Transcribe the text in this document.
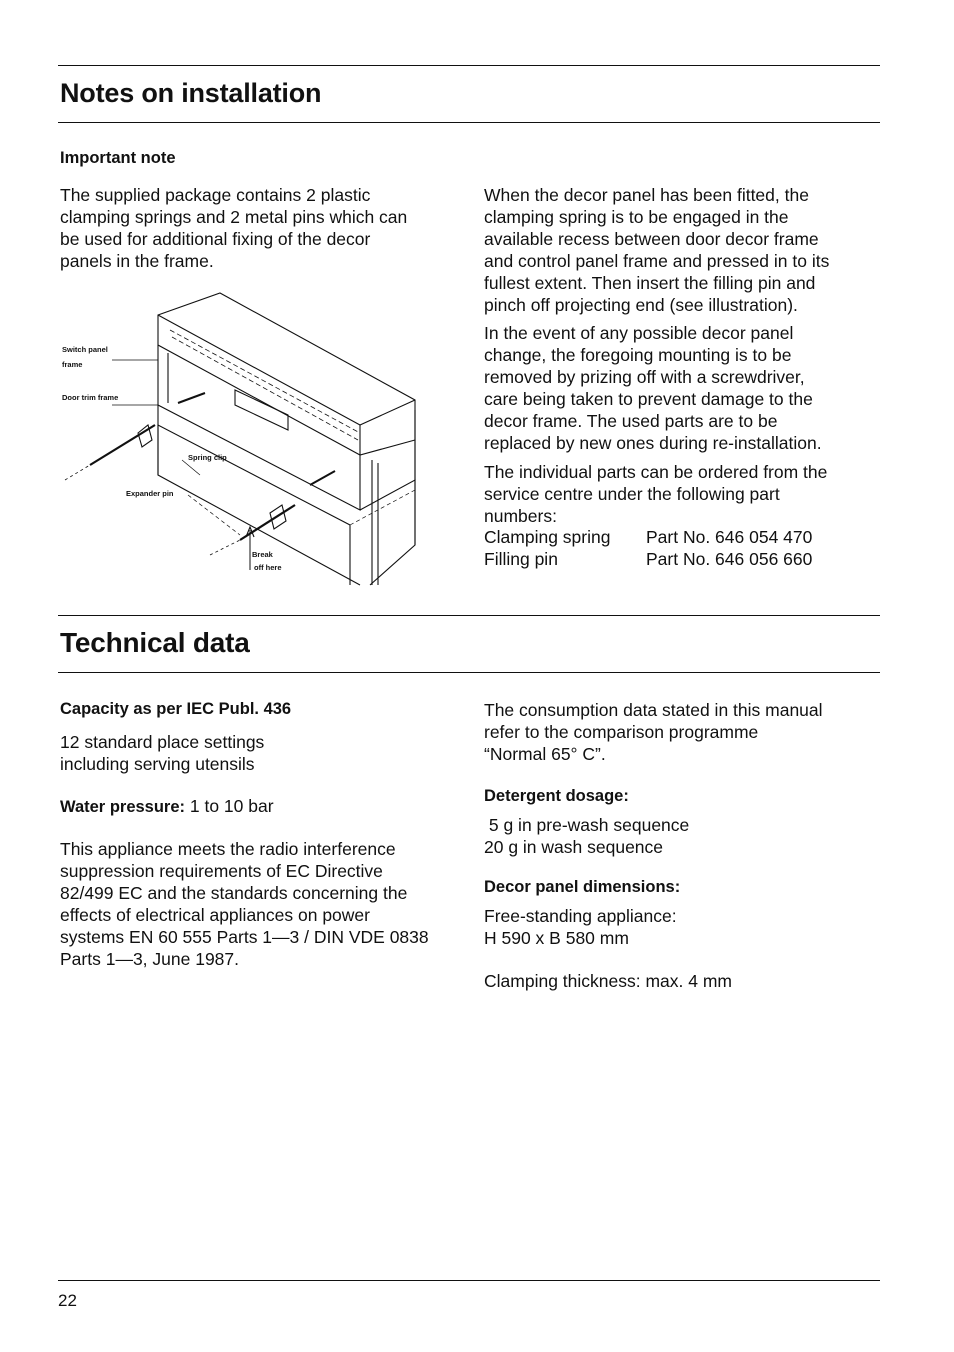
Notes on installation

Important note

The supplied package contains 2 plastic
clamping springs and 2 metal pins which can
be used for additional fixing of the decor
panels in the frame.

Switch panel
frame
Door trim frame
Spring clip
Expander pin
Break
off here

When the decor panel has been fitted, the
clamping spring is to be engaged in the
available recess between door decor frame
and control panel frame and pressed in to its
fullest extent. Then insert the filling pin and
pinch off projecting end (see illustration).

In the event of any possible decor panel
change, the foregoing mounting is to be
removed by prizing off with a screwdriver,
care being taken to prevent damage to the
decor frame. The used parts are to be
replaced by new ones during re-installation.

The individual parts can be ordered from the
service centre under the following part
numbers:

Clamping spring	Part No. 646 054 470
Filling pin	Part No. 646 056 660
Technical data

Capacity as per IEC Publ. 436

12 standard place settings
including serving utensils

Water pressure: 1 to 10 bar

This appliance meets the radio interference
suppression requirements of EC Directive
82/499 EC and the standards concerning the
effects of electrical appliances on power
systems EN 60 555 Parts 1—3 / DIN VDE 0838
Parts 1—3, June 1987.

The consumption data stated in this manual
refer to the comparison programme
“Normal 65° C”.

Detergent dosage:

5 g in pre-wash sequence
20 g in wash sequence

Decor panel dimensions:

Free-standing appliance:
H 590 x B 580 mm

Clamping thickness: max. 4 mm

22
